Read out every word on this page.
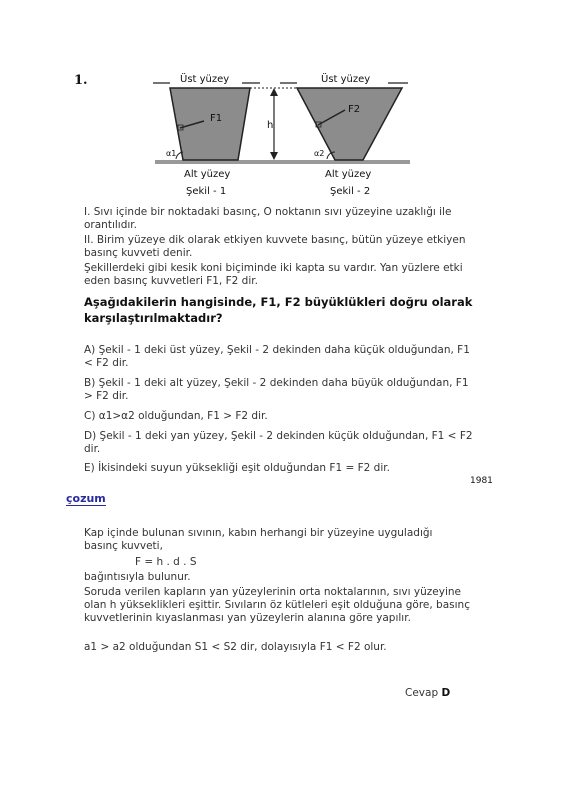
1.	Üst yüzey	Üst yüzey
F1
F2
α1	α2
h
Alt yüzey	Alt yüzey
Şekil - 1	Şekil - 2
I. Sıvı içinde bir noktadaki basınç, O noktanın sıvı yüzeyine uzaklığı ile orantılıdır.
II. Birim yüzeye dik olarak etkiyen kuvvete basınç, bütün yüzeye etkiyen basınç kuvveti denir.
Şekillerdeki gibi kesik koni biçiminde iki kapta su vardır. Yan yüzlere etki eden basınç kuvvetleri F1, F2 dir.
Aşağıdakilerin hangisinde, F1, F2 büyüklükleri doğru olarak karşılaştırılmaktadır?
A) Şekil - 1 deki üst yüzey, Şekil - 2 dekinden daha küçük olduğundan, F1 < F2 dir.
B) Şekil - 1 deki alt yüzey, Şekil - 2 dekinden daha büyük olduğundan, F1 > F2 dir.
C) α1>α2 olduğundan, F1 > F2 dir.
D) Şekil - 1 deki yan yüzey, Şekil - 2 dekinden küçük olduğundan, F1 < F2 dir.
E) İkisindeki suyun yüksekliği eşit olduğundan F1 = F2 dir.
1981
çozum
Kap içinde bulunan sıvının, kabın herhangi bir yüzeyine uyguladığı basınç kuvveti,
F = h . d . S
bağıntısıyla bulunur.
Soruda verilen kapların yan yüzeylerinin orta noktalarının, sıvı yüzeyine olan h yükseklikleri eşittir. Sıvıların öz kütleleri eşit olduğuna göre, basınç kuvvetlerinin kıyaslanması yan yüzeylerin alanına göre yapılır.
a1 > a2 olduğundan S1 < S2 dir, dolayısıyla F1 < F2 olur.
Cevap D
